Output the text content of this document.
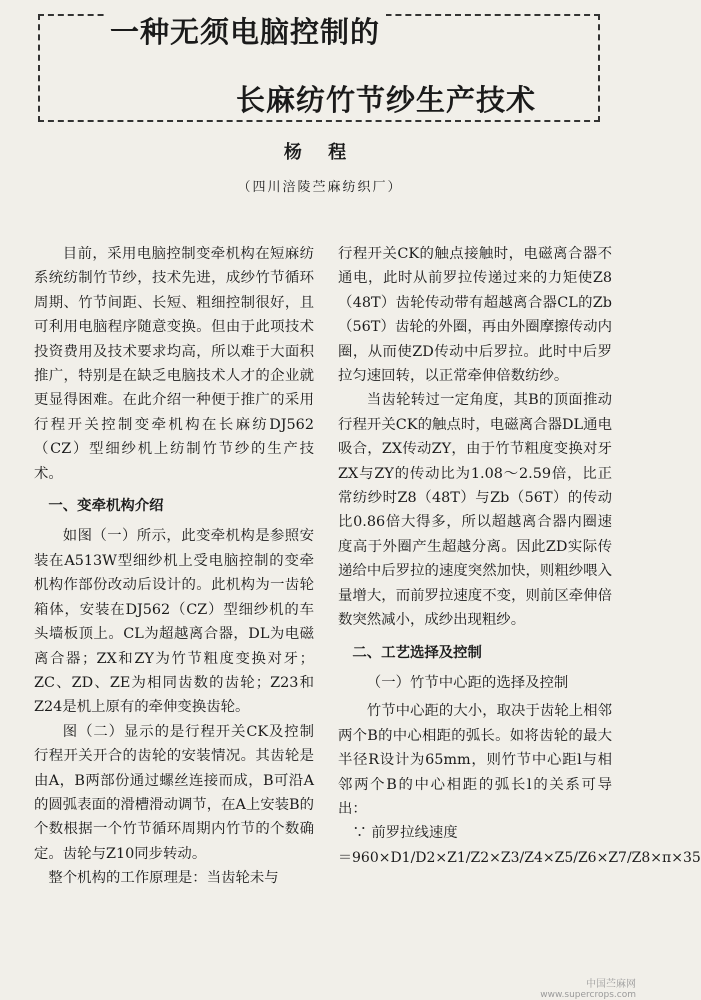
一种无须电脑控制的
长麻纺竹节纱生产技术
杨 程
（四川涪陵苎麻纺织厂）

目前，采用电脑控制变牵机构在短麻纺系统纺制竹节纱，技术先进，成纱竹节循环周期、竹节间距、长短、粗细控制很好，且可利用电脑程序随意变换。但由于此项技术投资费用及技术要求均高，所以难于大面积推广，特别是在缺乏电脑技术人才的企业就更显得困难。在此介绍一种便于推广的采用行程开关控制变牵机构在长麻纺DJ562（CZ）型细纱机上纺制竹节纱的生产技术。

一、变牵机构介绍

如图（一）所示，此变牵机构是参照安装在A513W型细纱机上受电脑控制的变牵机构作部份改动后设计的。此机构为一齿轮箱体，安装在DJ562（CZ）型细纱机的车头墙板顶上。CL为超越离合器，DL为电磁离合器；ZX和ZY为竹节粗度变换对牙；ZC、ZD、ZE为相同齿数的齿轮；Z23和Z24是机上原有的牵伸变换齿轮。

图（二）显示的是行程开关CK及控制行程开关开合的齿轮的安装情况。其齿轮是由A，B两部份通过螺丝连接而成，B可沿A的圆弧表面的滑槽滑动调节，在A上安装B的个数根据一个竹节循环周期内竹节的个数确定。齿轮与Z10同步转动。

整个机构的工作原理是：当齿轮未与

行程开关CK的触点接触时，电磁离合器不通电，此时从前罗拉传递过来的力矩使Z8（48T）齿轮传动带有超越离合器CL的Zb（56T）齿轮的外圈，再由外圈摩擦传动内圈，从而使ZD传动中后罗拉。此时中后罗拉匀速回转，以正常牵伸倍数纺纱。

当齿轮转过一定角度，其B的顶面推动行程开关CK的触点时，电磁离合器DL通电吸合，ZX传动ZY，由于竹节粗度变换对牙ZX与ZY的传动比为1.08～2.59倍，比正常纺纱时Z8（48T）与Zb（56T）的传动比0.86倍大得多，所以超越离合器内圈速度高于外圈产生超越分离。因此ZD实际传递给中后罗拉的速度突然加快，则粗纱喂入量增大，而前罗拉速度不变，则前区牵伸倍数突然减小，成纱出现粗纱。

二、工艺选择及控制
（一）竹节中心距的选择及控制

竹节中心距的大小，取决于齿轮上相邻两个B的中心相距的弧长。如将齿轮的最大半径R设计为65mm，则竹节中心距l与相邻两个B的中心相距的弧长l的关系可导出：

∵ 前罗拉线速度

＝960×D1/D2×Z1/Z2×Z3/Z4×Z5/Z6×Z7/Z8×π×35

中国苎麻网
www.supercrops.com
